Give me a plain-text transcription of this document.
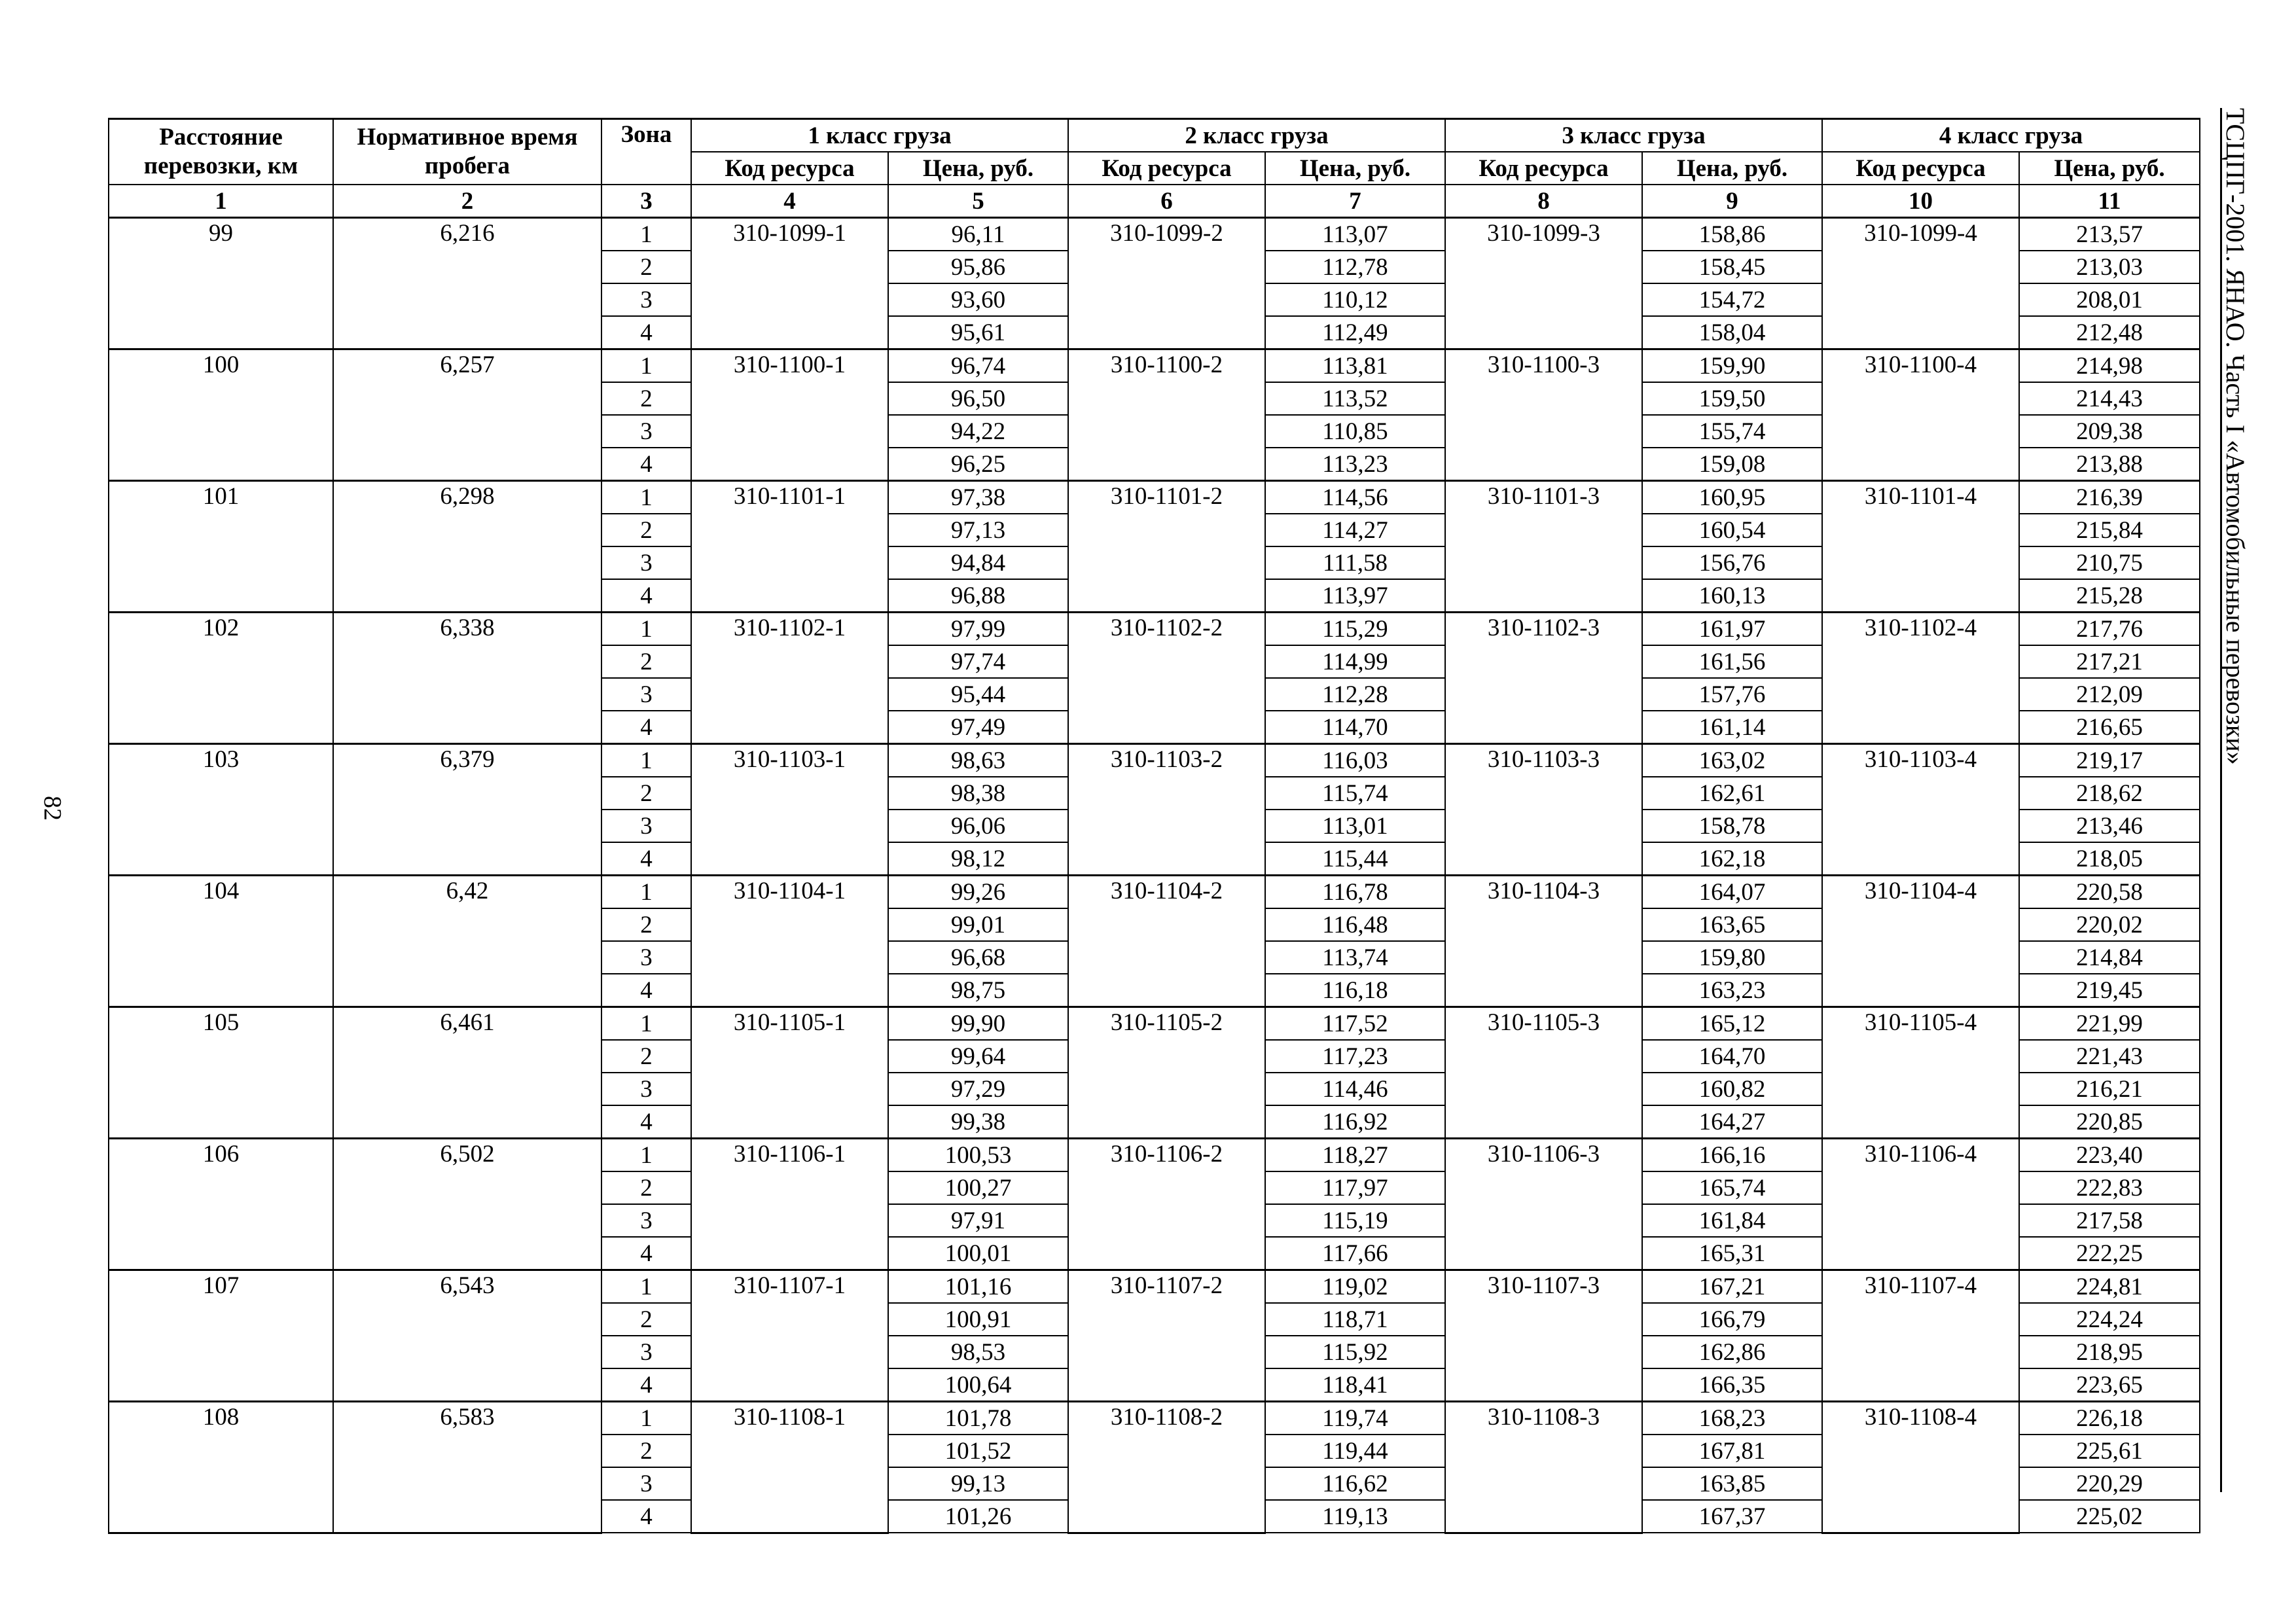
82
ТСЦПГ-2001. ЯНАО. Часть I «Автомобильные перевозки»
Расстояние перевозки, км	Нормативное время пробега	Зона	1 класс груза		2 класс груза		3 класс груза		4 класс груза	
			Код ресурса	Цена, руб.	Код ресурса	Цена, руб.	Код ресурса	Цена, руб.	Код ресурса	Цена, руб.
1	2	3	4	5	6	7	8	9	10	11
99	6,216	1	310-1099-1	96,11	310-1099-2	113,07	310-1099-3	158,86	310-1099-4	213,57
		2		95,86		112,78		158,45		213,03
		3		93,60		110,12		154,72		208,01
		4		95,61		112,49		158,04		212,48
100	6,257	1	310-1100-1	96,74	310-1100-2	113,81	310-1100-3	159,90	310-1100-4	214,98
		2		96,50		113,52		159,50		214,43
		3		94,22		110,85		155,74		209,38
		4		96,25		113,23		159,08		213,88
101	6,298	1	310-1101-1	97,38	310-1101-2	114,56	310-1101-3	160,95	310-1101-4	216,39
		2		97,13		114,27		160,54		215,84
		3		94,84		111,58		156,76		210,75
		4		96,88		113,97		160,13		215,28
102	6,338	1	310-1102-1	97,99	310-1102-2	115,29	310-1102-3	161,97	310-1102-4	217,76
		2		97,74		114,99		161,56		217,21
		3		95,44		112,28		157,76		212,09
		4		97,49		114,70		161,14		216,65
103	6,379	1	310-1103-1	98,63	310-1103-2	116,03	310-1103-3	163,02	310-1103-4	219,17
		2		98,38		115,74		162,61		218,62
		3		96,06		113,01		158,78		213,46
		4		98,12		115,44		162,18		218,05
104	6,42	1	310-1104-1	99,26	310-1104-2	116,78	310-1104-3	164,07	310-1104-4	220,58
		2		99,01		116,48		163,65		220,02
		3		96,68		113,74		159,80		214,84
		4		98,75		116,18		163,23		219,45
105	6,461	1	310-1105-1	99,90	310-1105-2	117,52	310-1105-3	165,12	310-1105-4	221,99
		2		99,64		117,23		164,70		221,43
		3		97,29		114,46		160,82		216,21
		4		99,38		116,92		164,27		220,85
106	6,502	1	310-1106-1	100,53	310-1106-2	118,27	310-1106-3	166,16	310-1106-4	223,40
		2		100,27		117,97		165,74		222,83
		3		97,91		115,19		161,84		217,58
		4		100,01		117,66		165,31		222,25
107	6,543	1	310-1107-1	101,16	310-1107-2	119,02	310-1107-3	167,21	310-1107-4	224,81
		2		100,91		118,71		166,79		224,24
		3		98,53		115,92		162,86		218,95
		4		100,64		118,41		166,35		223,65
108	6,583	1	310-1108-1	101,78	310-1108-2	119,74	310-1108-3	168,23	310-1108-4	226,18
		2		101,52		119,44		167,81		225,61
		3		99,13		116,62		163,85		220,29
		4		101,26		119,13		167,37		225,02
